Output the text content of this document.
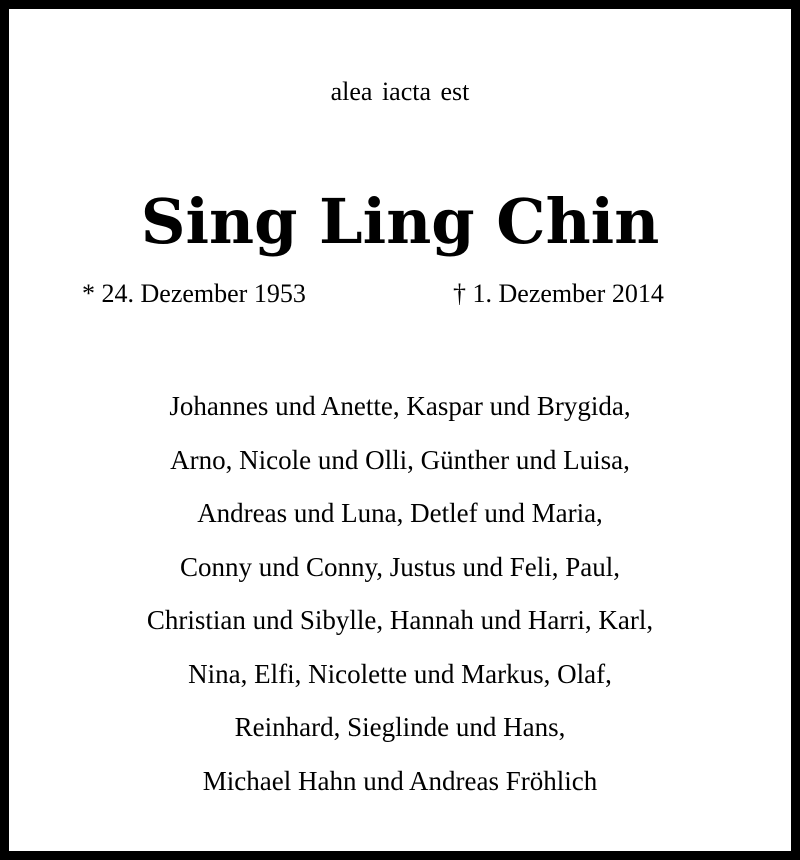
alea iacta est
Sing Ling Chin
* 24. Dezember 1953	† 1. Dezember 2014
Johannes und Anette, Kaspar und Brygida,
Arno, Nicole und Olli, Günther und Luisa,
Andreas und Luna, Detlef und Maria,
Conny und Conny, Justus und Feli, Paul,
Christian und Sibylle, Hannah und Harri, Karl,
Nina, Elfi, Nicolette und Markus, Olaf,
Reinhard, Sieglinde und Hans,
Michael Hahn und Andreas Fröhlich
